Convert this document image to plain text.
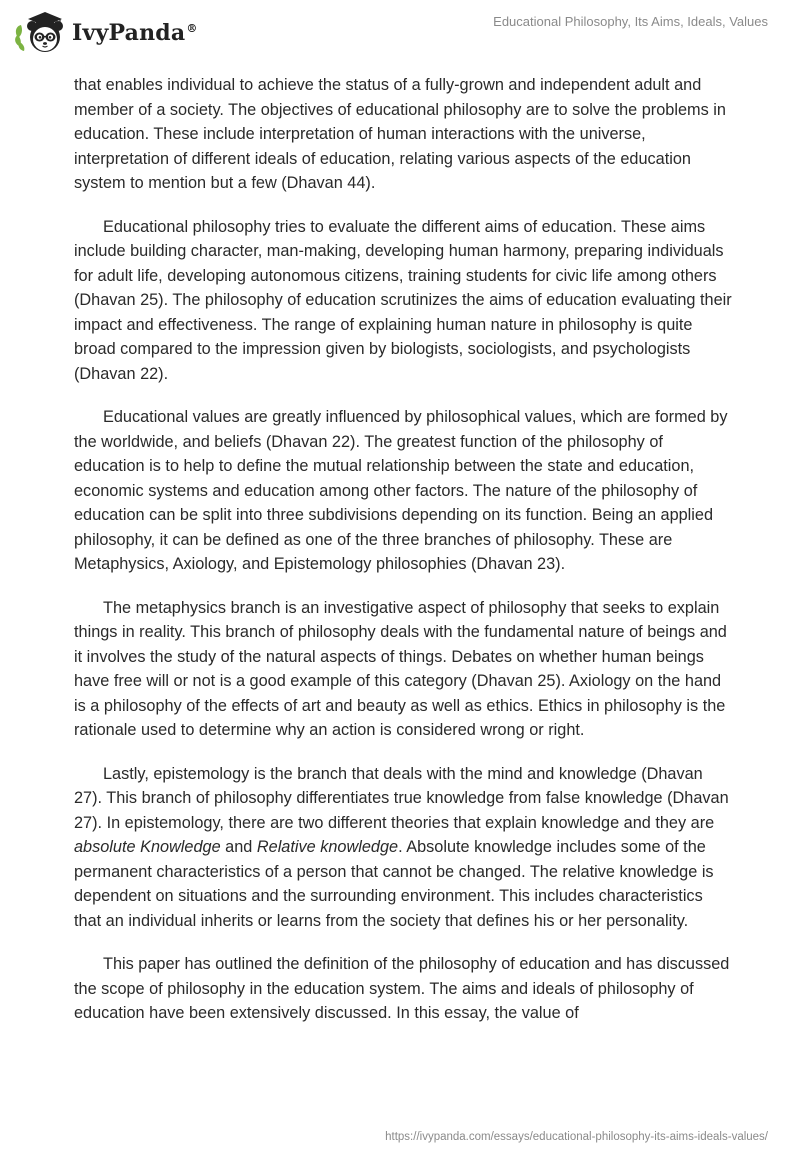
IvyPanda®	Educational Philosophy, Its Aims, Ideals, Values

that enables individual to achieve the status of a fully-grown and independent adult and member of a society. The objectives of educational philosophy are to solve the problems in education. These include interpretation of human interactions with the universe, interpretation of different ideals of education, relating various aspects of the education system to mention but a few (Dhavan 44).

Educational philosophy tries to evaluate the different aims of education. These aims include building character, man-making, developing human harmony, preparing individuals for adult life, developing autonomous citizens, training students for civic life among others (Dhavan 25). The philosophy of education scrutinizes the aims of education evaluating their impact and effectiveness. The range of explaining human nature in philosophy is quite broad compared to the impression given by biologists, sociologists, and psychologists (Dhavan 22).

Educational values are greatly influenced by philosophical values, which are formed by the worldwide, and beliefs (Dhavan 22). The greatest function of the philosophy of education is to help to define the mutual relationship between the state and education, economic systems and education among other factors. The nature of the philosophy of education can be split into three subdivisions depending on its function. Being an applied philosophy, it can be defined as one of the three branches of philosophy. These are Metaphysics, Axiology, and Epistemology philosophies (Dhavan 23).

The metaphysics branch is an investigative aspect of philosophy that seeks to explain things in reality. This branch of philosophy deals with the fundamental nature of beings and it involves the study of the natural aspects of things. Debates on whether human beings have free will or not is a good example of this category (Dhavan 25). Axiology on the hand is a philosophy of the effects of art and beauty as well as ethics. Ethics in philosophy is the rationale used to determine why an action is considered wrong or right.

Lastly, epistemology is the branch that deals with the mind and knowledge (Dhavan 27). This branch of philosophy differentiates true knowledge from false knowledge (Dhavan 27). In epistemology, there are two different theories that explain knowledge and they are absolute Knowledge and Relative knowledge. Absolute knowledge includes some of the permanent characteristics of a person that cannot be changed. The relative knowledge is dependent on situations and the surrounding environment. This includes characteristics that an individual inherits or learns from the society that defines his or her personality.

This paper has outlined the definition of the philosophy of education and has discussed the scope of philosophy in the education system. The aims and ideals of philosophy of education have been extensively discussed. In this essay, the value of

https://ivypanda.com/essays/educational-philosophy-its-aims-ideals-values/
